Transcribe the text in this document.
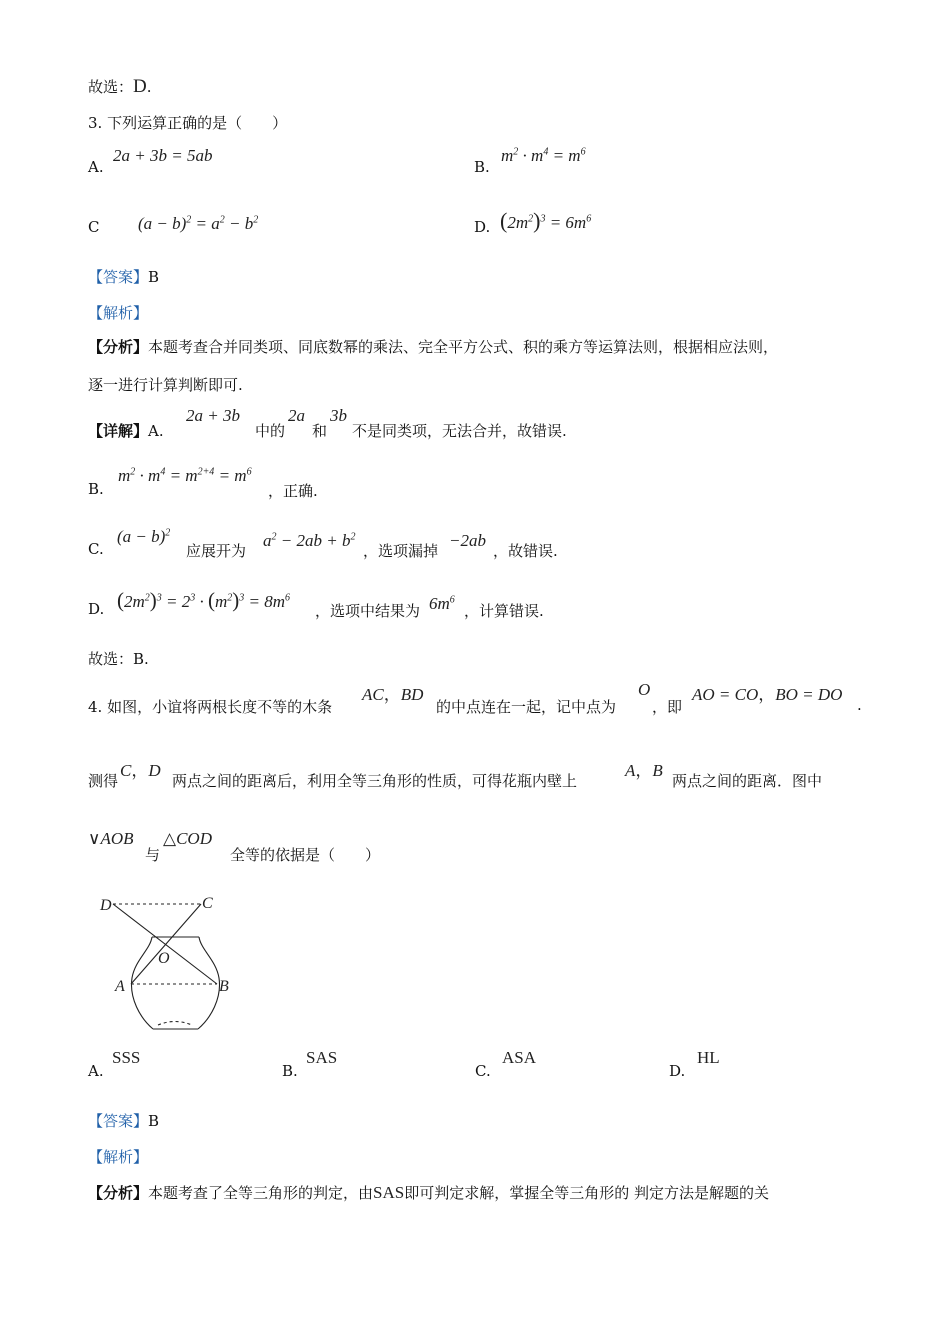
故选：D.
3. 下列运算正确的是（　　）
A.
2a + 3b = 5ab
B.
$m^2 \cdot m^4 = m^6$
C $(a - b)^2 = a^2 - b^2$	D. $(2m^2)^3 = 6m^6$
【答案】B
【解析】
【分析】本题考查合并同类项、同底数幂的乘法、完全平方公式、积的乘方等运算法则，根据相应法则，
逐一进行计算判断即可.
【详解】A.
2a + 3b
中的
2a
和
3b
不是同类项，无法合并，故错误.
B.
$m^2 \cdot m^4 = m^{2+4} = m^6$
，正确.
C.
$(a - b)^2$
应展开为
$a^2 - 2ab + b^2$
，选项漏掉
−2ab
，故错误.
D. $(2m^2)^3 = 2^3 \cdot (m^2)^3 = 8m^6$
，选项中结果为 $6m^6$
，计算错误.
故选：B.
4. 如图，小谊将两根长度不等的木条
AC，BD
的中点连在一起，记中点为
O
，即
AO = CO，BO = DO
.
测得
C，D
两点之间的距离后，利用全等三角形的性质，可得花瓶内壁上
A，B
两点之间的距离．图中
∨AOB
与
△COD
全等的依据是（　　）
D	C
O
A	B
A.
SSS
B.
SAS
C.
ASA
D.
HL
【答案】B
【解析】
【分析】本题考查了全等三角形的判定，由SAS即可判定求解，掌握全等三角形的 判定方法是解题的关
